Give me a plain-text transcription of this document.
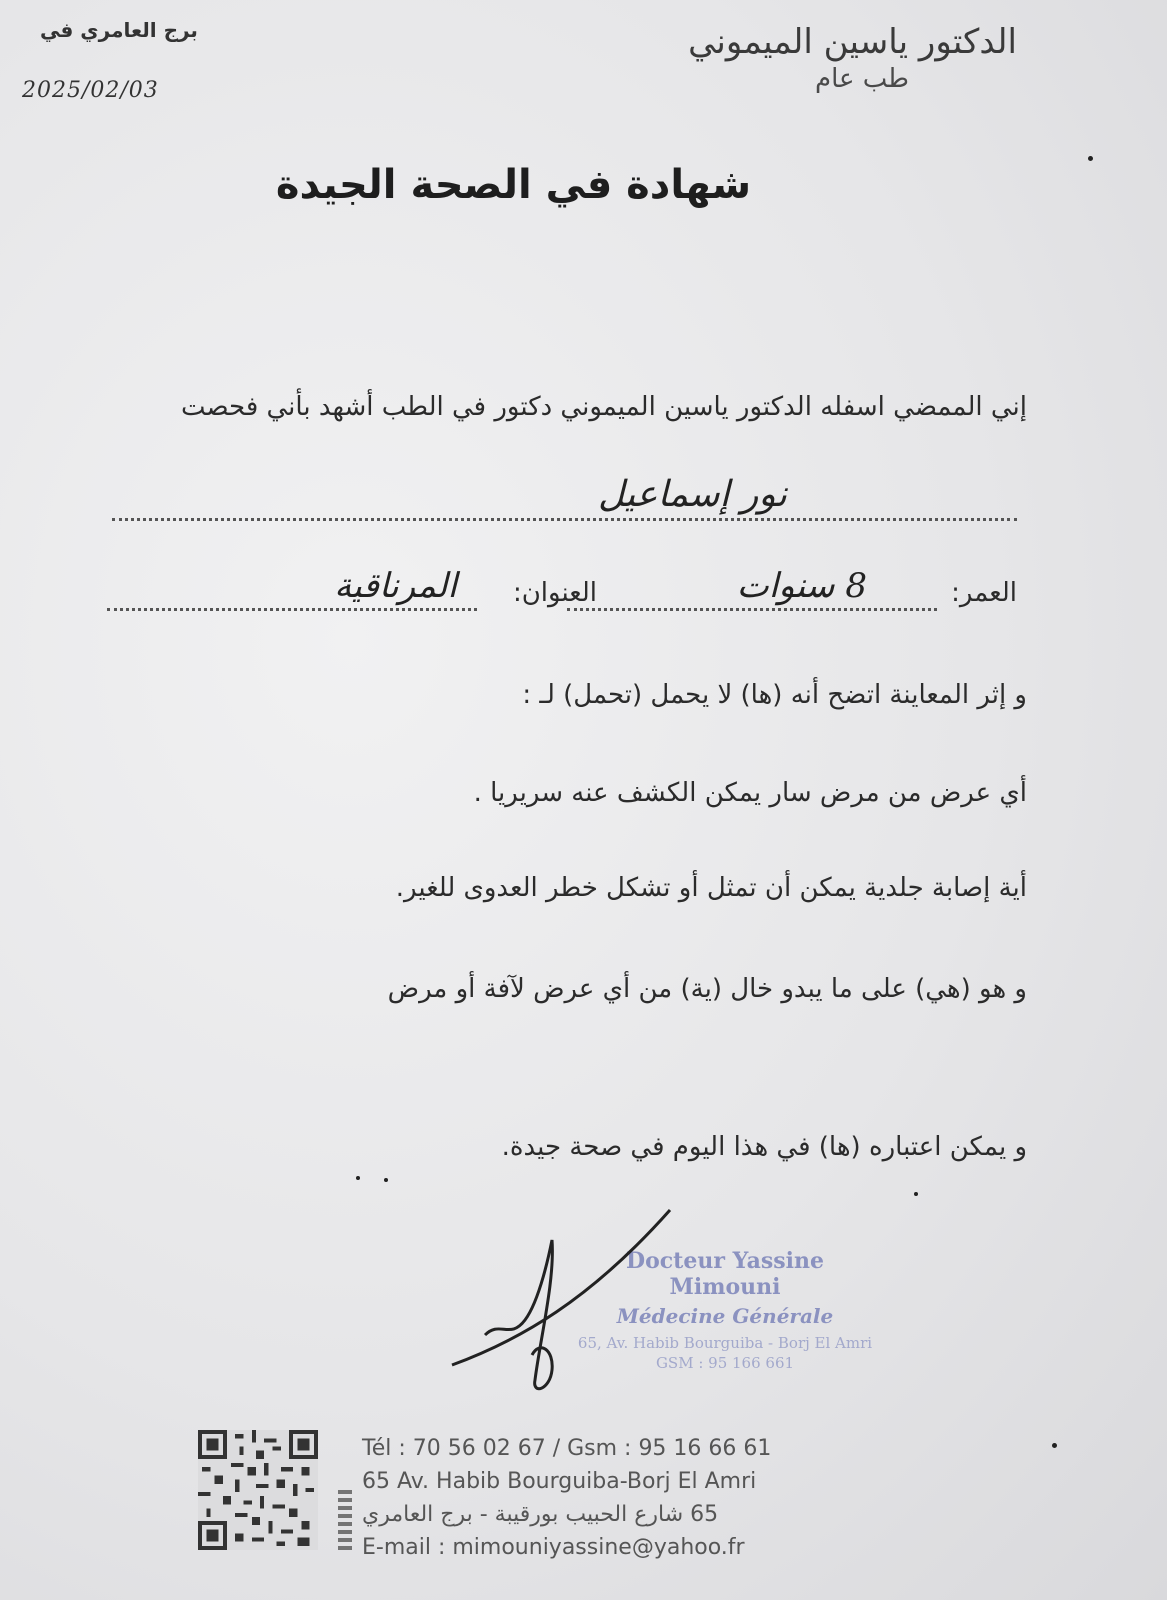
الدكتور ياسين الميموني
طب عام
برج العامري في
2025/02/03
شهادة في الصحة الجيدة
إني الممضي اسفله الدكتور ياسين الميموني دكتور في الطب أشهد بأني فحصت
نور إسماعيل
العمر:
8 سنوات
العنوان:
المرناقية
و إثر المعاينة اتضح أنه (ها) لا يحمل (تحمل) لـ :
أي عرض من مرض سار يمكن الكشف عنه سريريا .
أية إصابة جلدية يمكن أن تمثل أو تشكل خطر العدوى للغير.
و هو (هي) على ما يبدو خال (ية) من أي عرض لآفة أو مرض
و يمكن اعتباره (ها) في هذا اليوم في صحة جيدة.
Docteur Yassine Mimouni
Médecine Générale
65, Av. Habib Bourguiba - Borj El Amri
GSM : 95 166 661
Tél : 70 56 02 67 / Gsm : 95 16 66 61
65 Av. Habib Bourguiba-Borj El Amri
65 شارع الحبيب بورقيبة - برج العامري
E-mail : mimouniyassine@yahoo.fr
